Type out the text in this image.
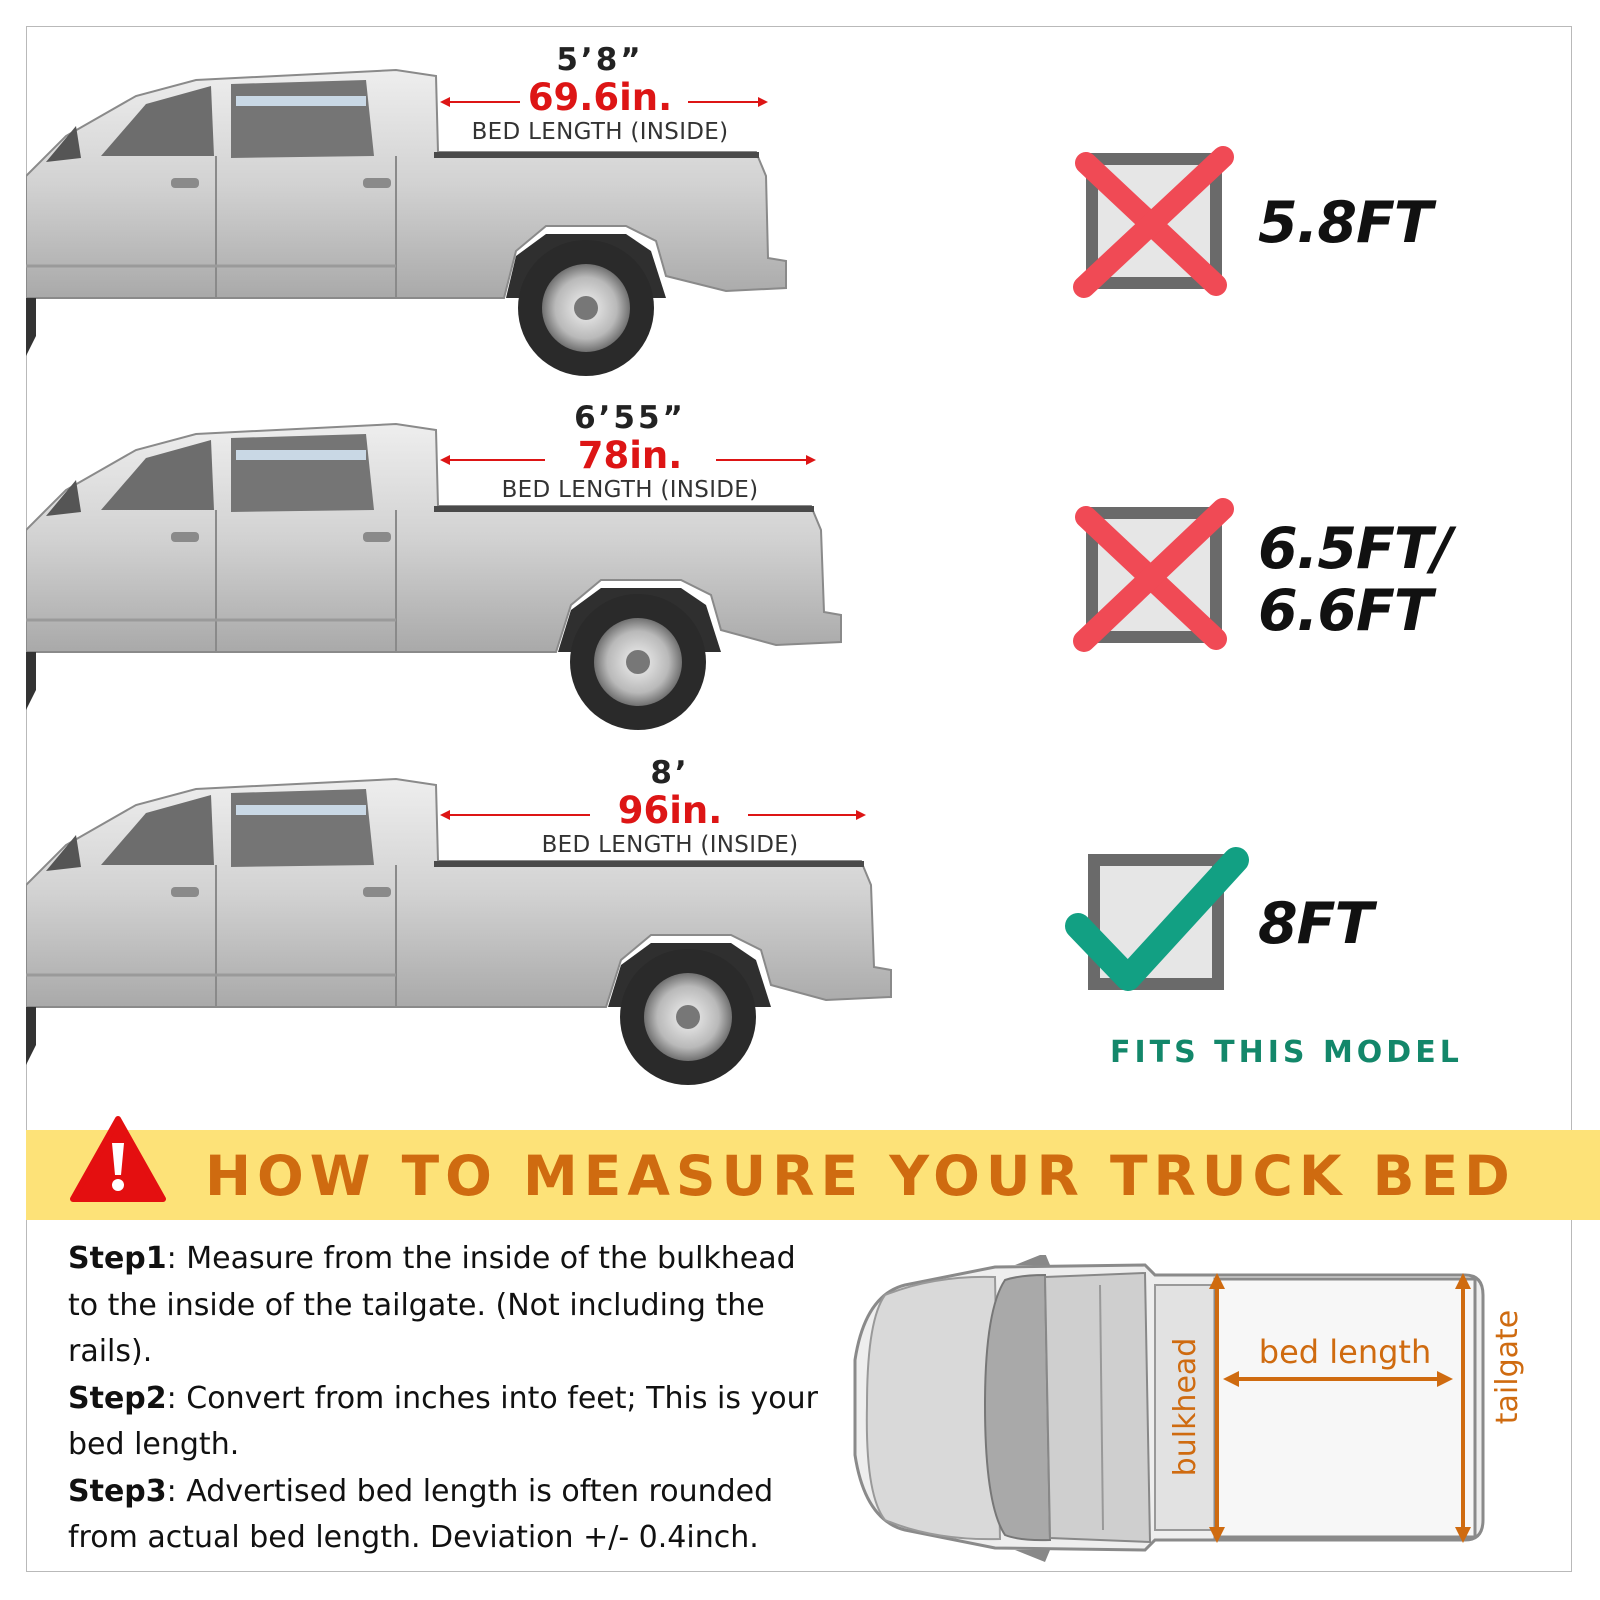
5’8”
69.6in.
BED LENGTH (INSIDE)
6’55”
78in.
BED LENGTH (INSIDE)
8’
96in.
BED LENGTH (INSIDE)
5.8FT
6.5FT/
6.6FT
8FT
FITS THIS MODEL
HOW TO MEASURE YOUR TRUCK BED

Step1: Measure from the inside of the bulkhead to the inside of the tailgate. (Not including the rails).

Step2: Convert from inches into feet; This is your bed length.

Step3: Advertised bed length is often rounded from actual bed length. Deviation +/- 0.4inch.

bulkhead bed length tailgate
